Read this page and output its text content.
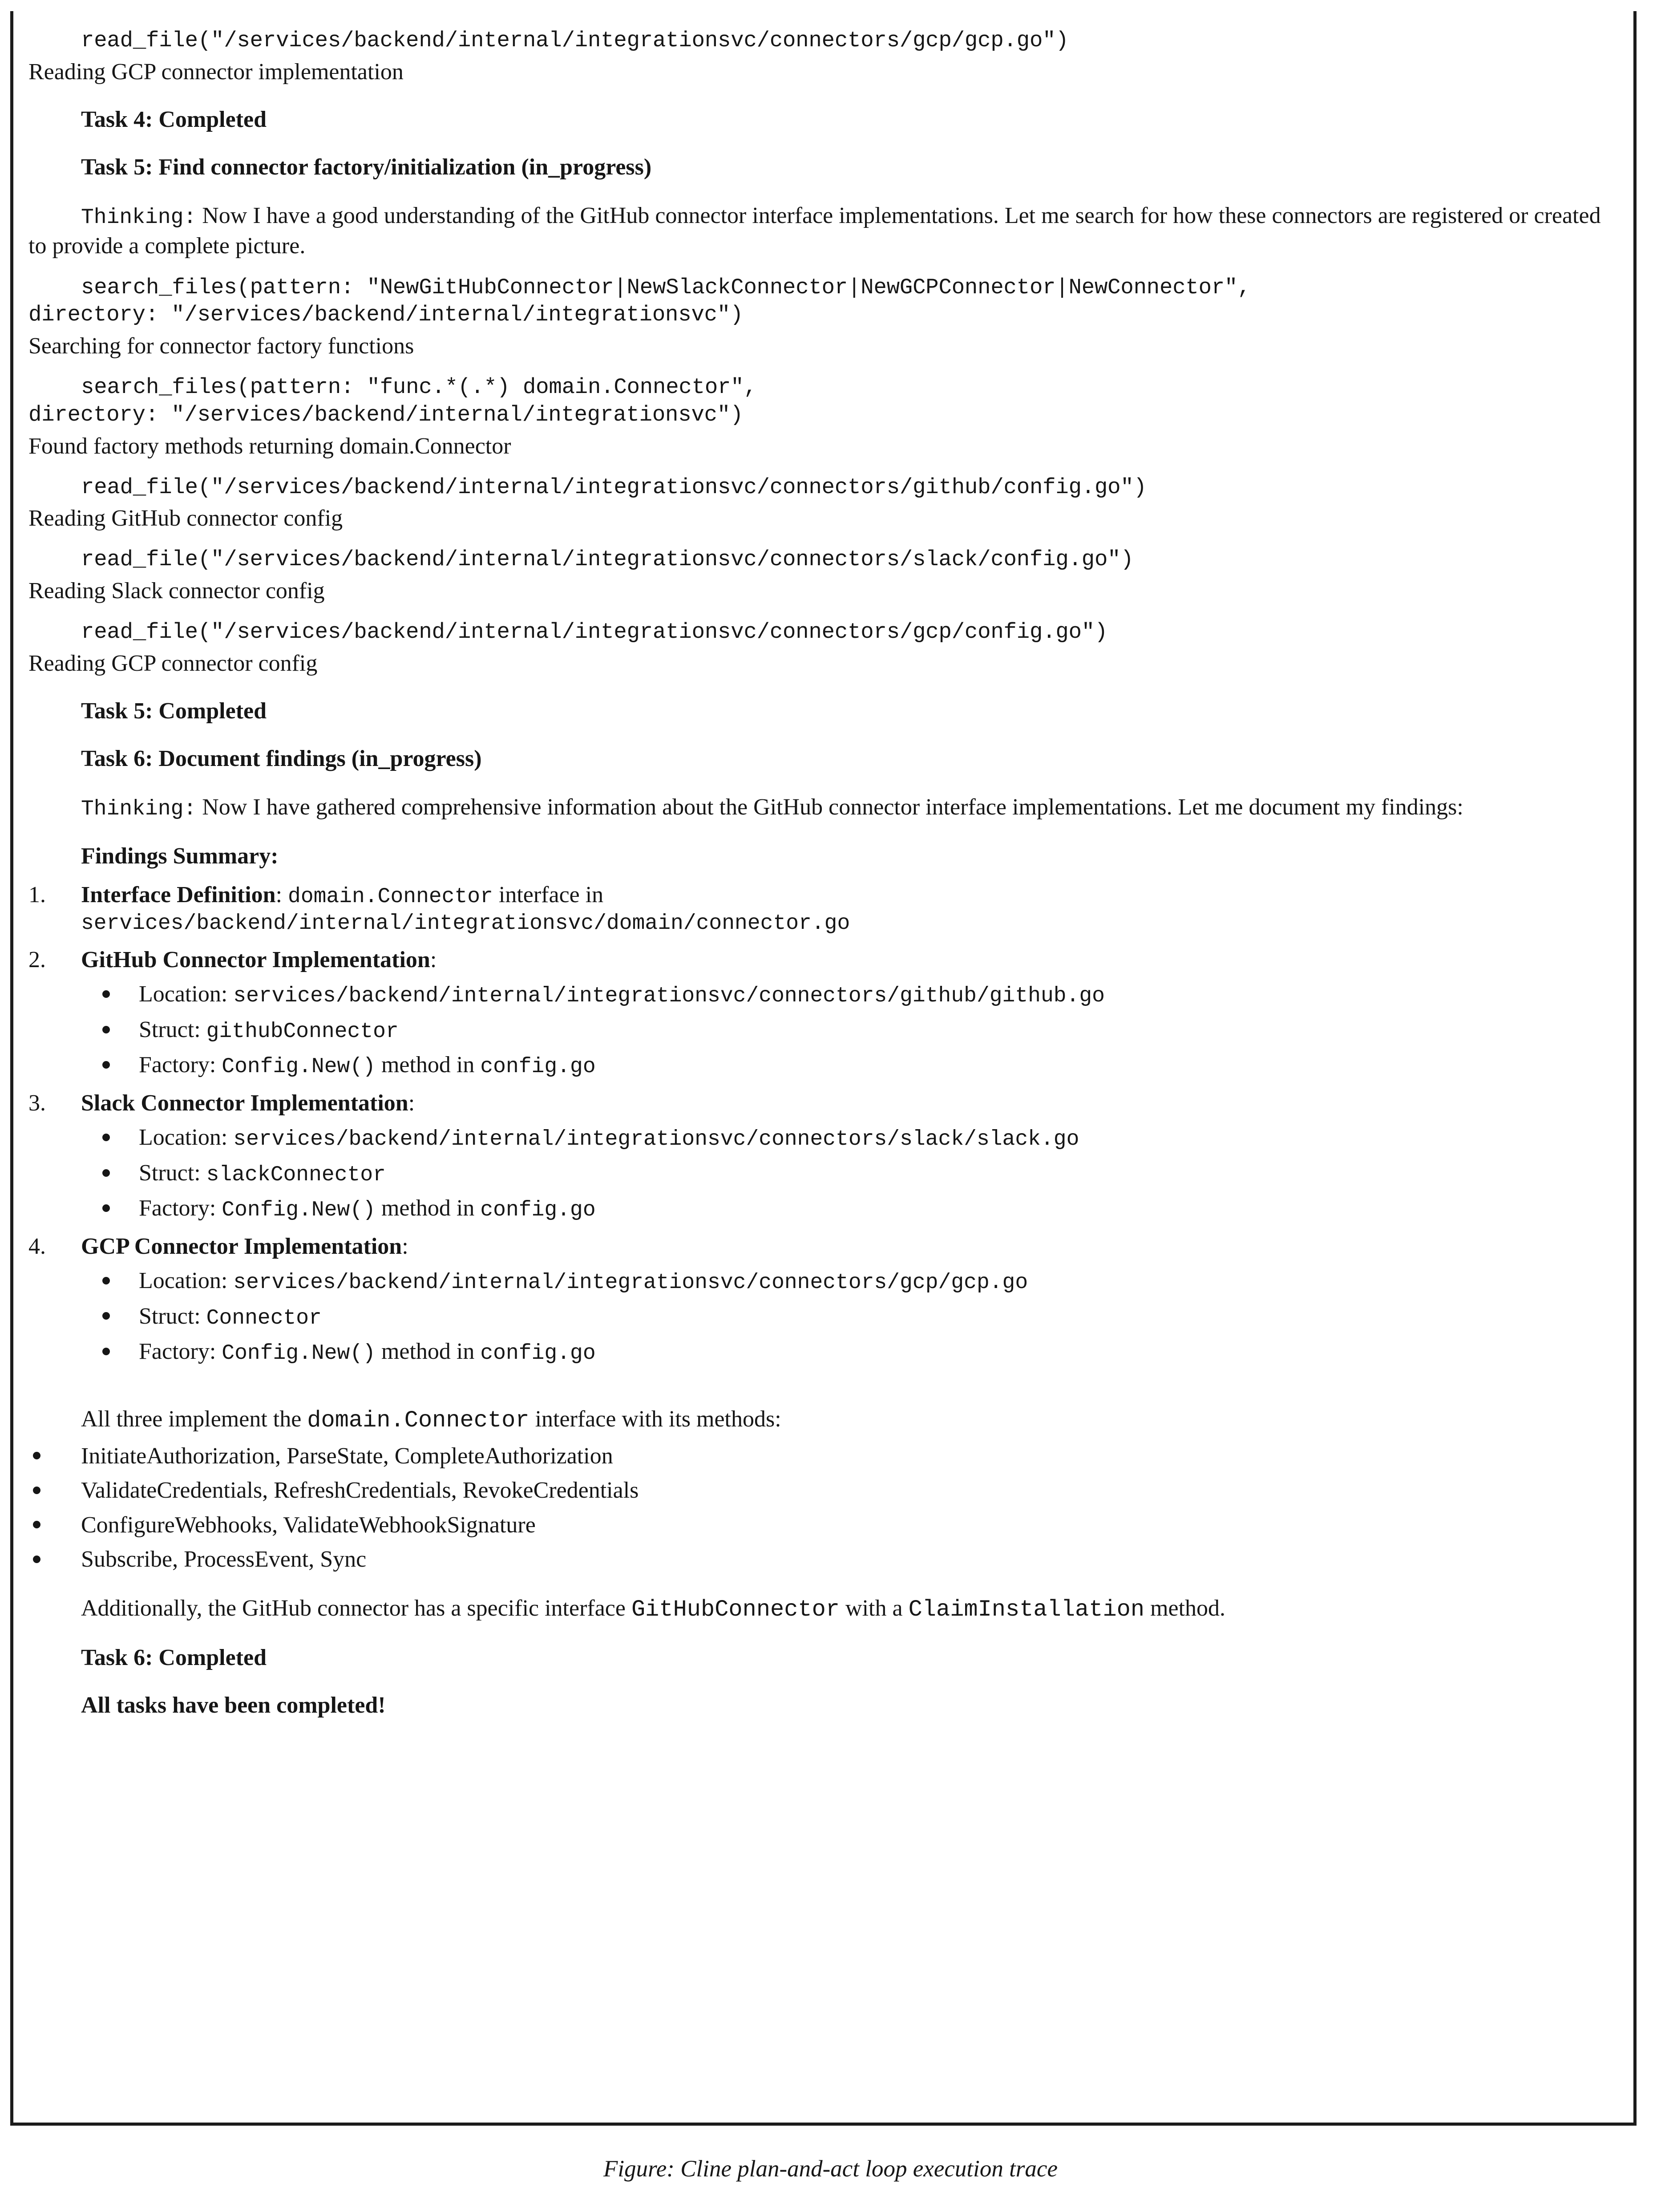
read_file("/services/backend/internal/integrationsvc/connectors/gcp/gcp.go")
Reading GCP connector implementation
Task 4: Completed
Task 5: Find connector factory/initialization (in_progress)

Thinking: Now I have a good understanding of the GitHub connector interface implementations. Let me search for how these connectors are registered or created to provide a complete picture.

search_files(pattern: "NewGitHubConnector|NewSlackConnector|NewGCPConnector|NewConnector",
directory: "/services/backend/internal/integrationsvc")
Searching for connector factory functions
search_files(pattern: "func.*(.*) domain.Connector",
directory: "/services/backend/internal/integrationsvc")
Found factory methods returning domain.Connector
read_file("/services/backend/internal/integrationsvc/connectors/github/config.go")
Reading GitHub connector config
read_file("/services/backend/internal/integrationsvc/connectors/slack/config.go")
Reading Slack connector config
read_file("/services/backend/internal/integrationsvc/connectors/gcp/config.go")
Reading GCP connector config
Task 5: Completed
Task 6: Document findings (in_progress)

Thinking: Now I have gathered comprehensive information about the GitHub connector interface implementations. Let me document my findings:

Findings Summary:
1.	Interface Definition: domain.Connector interface in
services/backend/internal/integrationsvc/domain/connector.go
2.	GitHub Connector Implementation:
Location: services/backend/internal/integrationsvc/connectors/github/github.go
Struct: githubConnector
Factory: Config.New() method in config.go
3.	Slack Connector Implementation:
Location: services/backend/internal/integrationsvc/connectors/slack/slack.go
Struct: slackConnector
Factory: Config.New() method in config.go
4.	GCP Connector Implementation:
Location: services/backend/internal/integrationsvc/connectors/gcp/gcp.go
Struct: Connector
Factory: Config.New() method in config.go

All three implement the domain.Connector interface with its methods:

InitiateAuthorization, ParseState, CompleteAuthorization
ValidateCredentials, RefreshCredentials, RevokeCredentials
ConfigureWebhooks, ValidateWebhookSignature
Subscribe, ProcessEvent, Sync

Additionally, the GitHub connector has a specific interface GitHubConnector with a ClaimInstallation method.

Task 6: Completed
All tasks have been completed!
Figure: Cline plan-and-act loop execution trace
